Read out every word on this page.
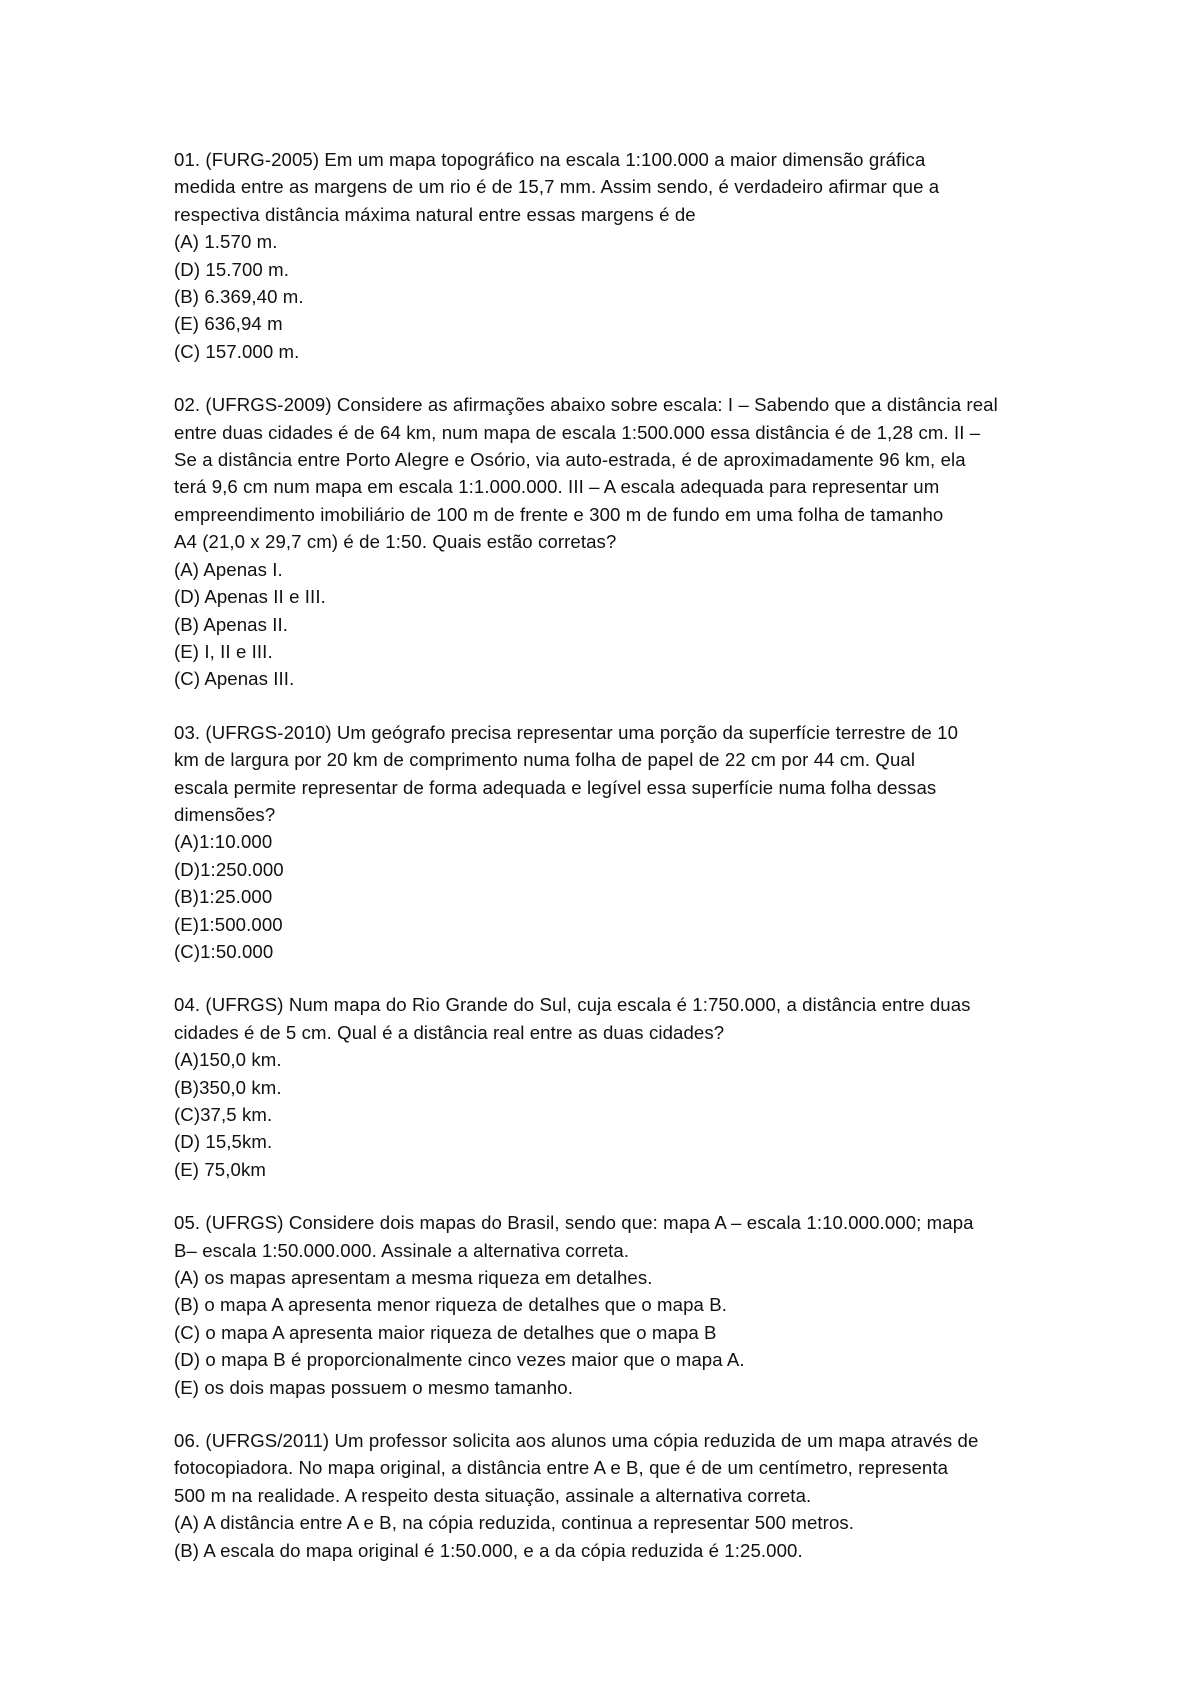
01. (FURG-2005) Em um mapa topográfico na escala 1:100.000 a maior dimensão gráfica
medida entre as margens de um rio é de 15,7 mm. Assim sendo, é verdadeiro afirmar que a
respectiva distância máxima natural entre essas margens é de
(A) 1.570 m.
(D) 15.700 m.
(B) 6.369,40 m.
(E) 636,94 m
(C) 157.000 m.
02. (UFRGS-2009) Considere as afirmações abaixo sobre escala: I – Sabendo que a distância real
entre duas cidades é de 64 km, num mapa de escala 1:500.000 essa distância é de 1,28 cm. II –
Se a distância entre Porto Alegre e Osório, via auto-estrada, é de aproximadamente 96 km, ela
terá 9,6 cm num mapa em escala 1:1.000.000. III – A escala adequada para representar um
empreendimento imobiliário de 100 m de frente e 300 m de fundo em uma folha de tamanho
A4 (21,0 x 29,7 cm) é de 1:50. Quais estão corretas?
(A) Apenas I.
(D) Apenas II e III.
(B) Apenas II.
(E) I, II e III.
(C) Apenas III.
03. (UFRGS-2010) Um geógrafo precisa representar uma porção da superfície terrestre de 10
km de largura por 20 km de comprimento numa folha de papel de 22 cm por 44 cm. Qual
escala permite representar de forma adequada e legível essa superfície numa folha dessas
dimensões?
(A)1:10.000
(D)1:250.000
(B)1:25.000
(E)1:500.000
(C)1:50.000
04. (UFRGS) Num mapa do Rio Grande do Sul, cuja escala é 1:750.000, a distância entre duas
cidades é de 5 cm. Qual é a distância real entre as duas cidades?
(A)150,0 km.
(B)350,0 km.
(C)37,5 km.
(D) 15,5km.
(E) 75,0km
05. (UFRGS) Considere dois mapas do Brasil, sendo que: mapa A – escala 1:10.000.000; mapa
B– escala 1:50.000.000. Assinale a alternativa correta.
(A) os mapas apresentam a mesma riqueza em detalhes.
(B) o mapa A apresenta menor riqueza de detalhes que o mapa B.
(C) o mapa A apresenta maior riqueza de detalhes que o mapa B
(D) o mapa B é proporcionalmente cinco vezes maior que o mapa A.
(E) os dois mapas possuem o mesmo tamanho.
06. (UFRGS/2011) Um professor solicita aos alunos uma cópia reduzida de um mapa através de
fotocopiadora. No mapa original, a distância entre A e B, que é de um centímetro, representa
500 m na realidade. A respeito desta situação, assinale a alternativa correta.
(A) A distância entre A e B, na cópia reduzida, continua a representar 500 metros.
(B) A escala do mapa original é 1:50.000, e a da cópia reduzida é 1:25.000.
